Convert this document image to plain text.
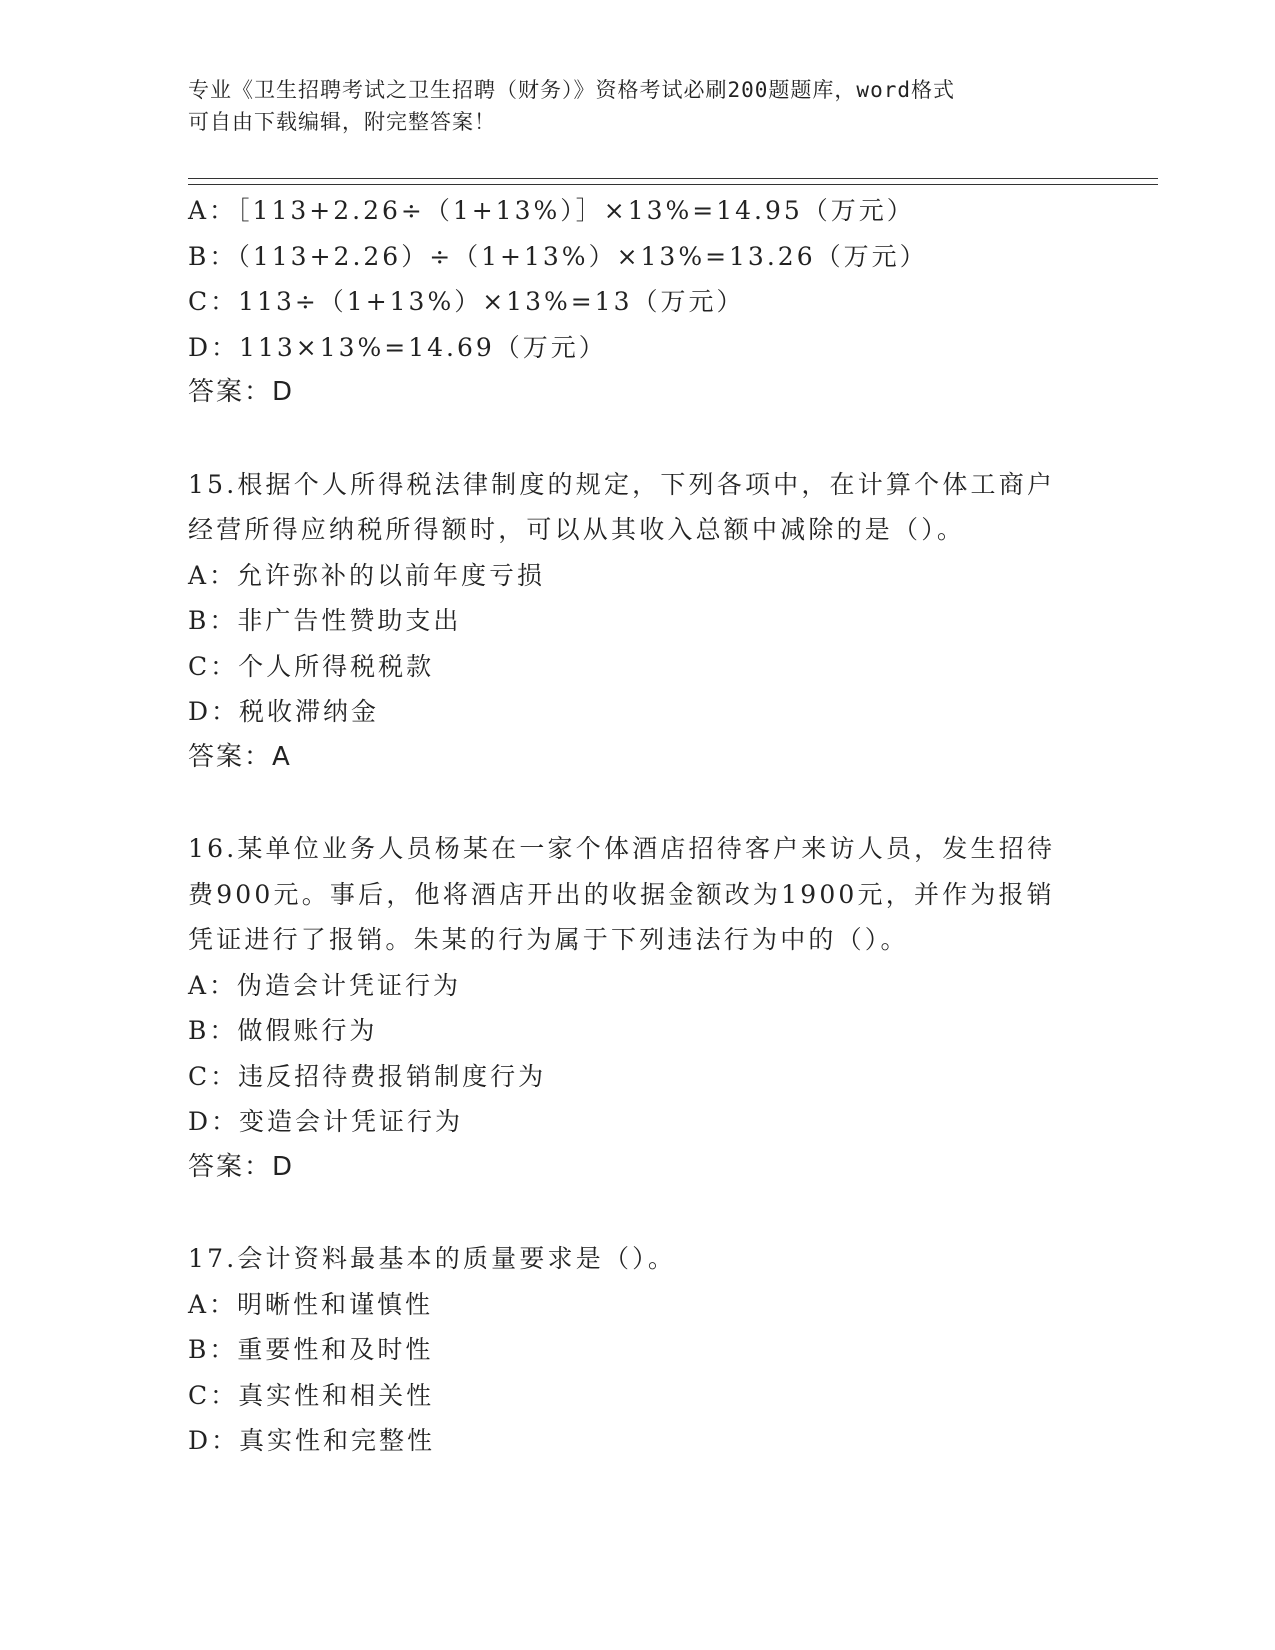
专业《卫生招聘考试之卫生招聘（财务）》资格考试必刷200题题库，word格式
可自由下载编辑，附完整答案！
A：［113+2.26÷（1+13%）］×13%=14.95（万元）
B：（113+2.26）÷（1+13%）×13%=13.26（万元）
C：113÷（1+13%）×13%=13（万元）
D：113×13%=14.69（万元）
答案：D
15.根据个人所得税法律制度的规定，下列各项中，在计算个体工商户
经营所得应纳税所得额时，可以从其收入总额中减除的是（）。
A：允许弥补的以前年度亏损
B：非广告性赞助支出
C：个人所得税税款
D：税收滞纳金
答案：A
16.某单位业务人员杨某在一家个体酒店招待客户来访人员，发生招待
费900元。事后，他将酒店开出的收据金额改为1900元，并作为报销
凭证进行了报销。朱某的行为属于下列违法行为中的（）。
A：伪造会计凭证行为
B：做假账行为
C：违反招待费报销制度行为
D：变造会计凭证行为
答案：D
17.会计资料最基本的质量要求是（）。
A：明晰性和谨慎性
B：重要性和及时性
C：真实性和相关性
D：真实性和完整性
